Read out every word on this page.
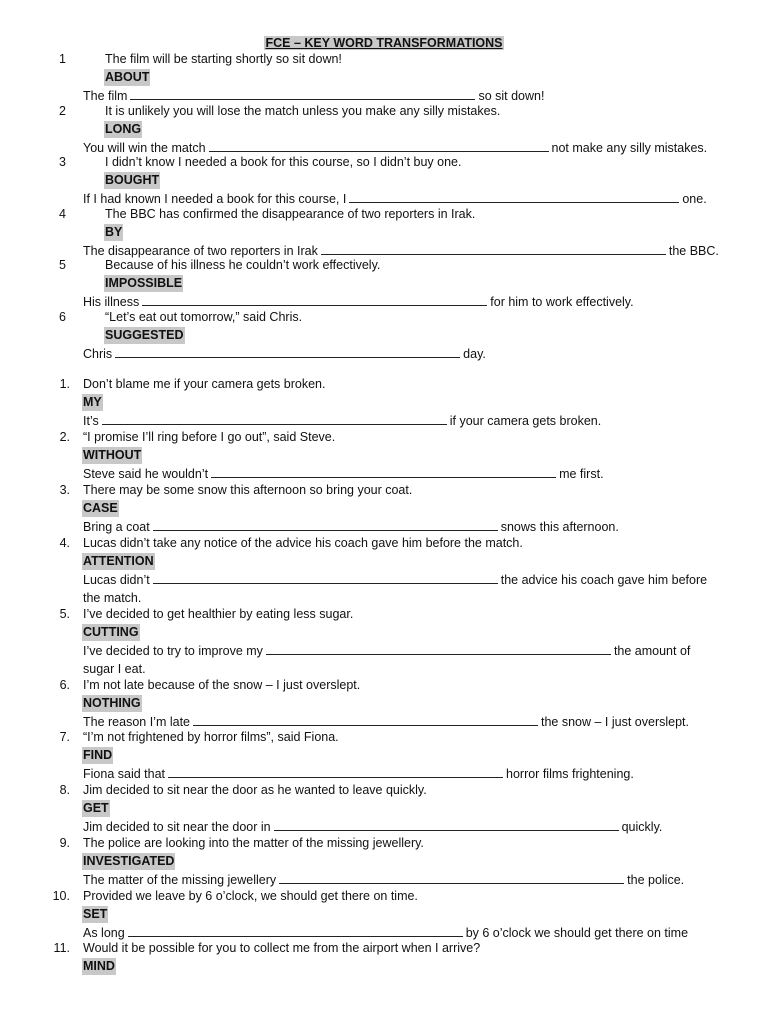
FCE – KEY WORD TRANSFORMATIONS
1	The film will be starting shortly so sit down!
ABOUT
The film	so sit down!
2	It is unlikely you will lose the match unless you make any silly mistakes.
LONG
You will win the match	not make any silly mistakes.
3	I didn’t know I needed a book for this course, so I didn’t buy one.
BOUGHT
If I had known I needed a book for this course, I	one.
4	The BBC has confirmed the disappearance of two reporters in Irak.
BY
The disappearance of two reporters in Irak	the BBC.
5	Because of his illness he couldn’t work effectively.
IMPOSSIBLE
His illness	for him to work effectively.
6	“Let’s eat out tomorrow,” said Chris.
SUGGESTED
Chris	day.
1. Don’t blame me if your camera gets broken.
MY
It’s	if your camera gets broken.
2. “I promise I’ll ring before I go out”, said Steve.
WITHOUT
Steve said he wouldn’t	me first.
3. There may be some snow this afternoon so bring your coat.
CASE
Bring a coat	snows this afternoon.
4. Lucas didn’t take any notice of the advice his coach gave him before the match.
ATTENTION
Lucas didn’t	the advice his coach gave him before the match.
5. I’ve decided to get healthier by eating less sugar.
CUTTING
I’ve decided to try to improve my	the amount of sugar I eat.
6. I’m not late because of the snow – I just overslept.
NOTHING
The reason I’m late	the snow – I just overslept.
7. “I’m not frightened by horror films”, said Fiona.
FIND
Fiona said that	horror films frightening.
8. Jim decided to sit near the door as he wanted to leave quickly.
GET
Jim decided to sit near the door in	quickly.
9. The police are looking into the matter of the missing jewellery.
INVESTIGATED
The matter of the missing jewellery	the police.
10. Provided we leave by 6 o’clock, we should get there on time.
SET
As long	by 6 o’clock we should get there on time
11. Would it be possible for you to collect me from the airport when I arrive?
MIND
